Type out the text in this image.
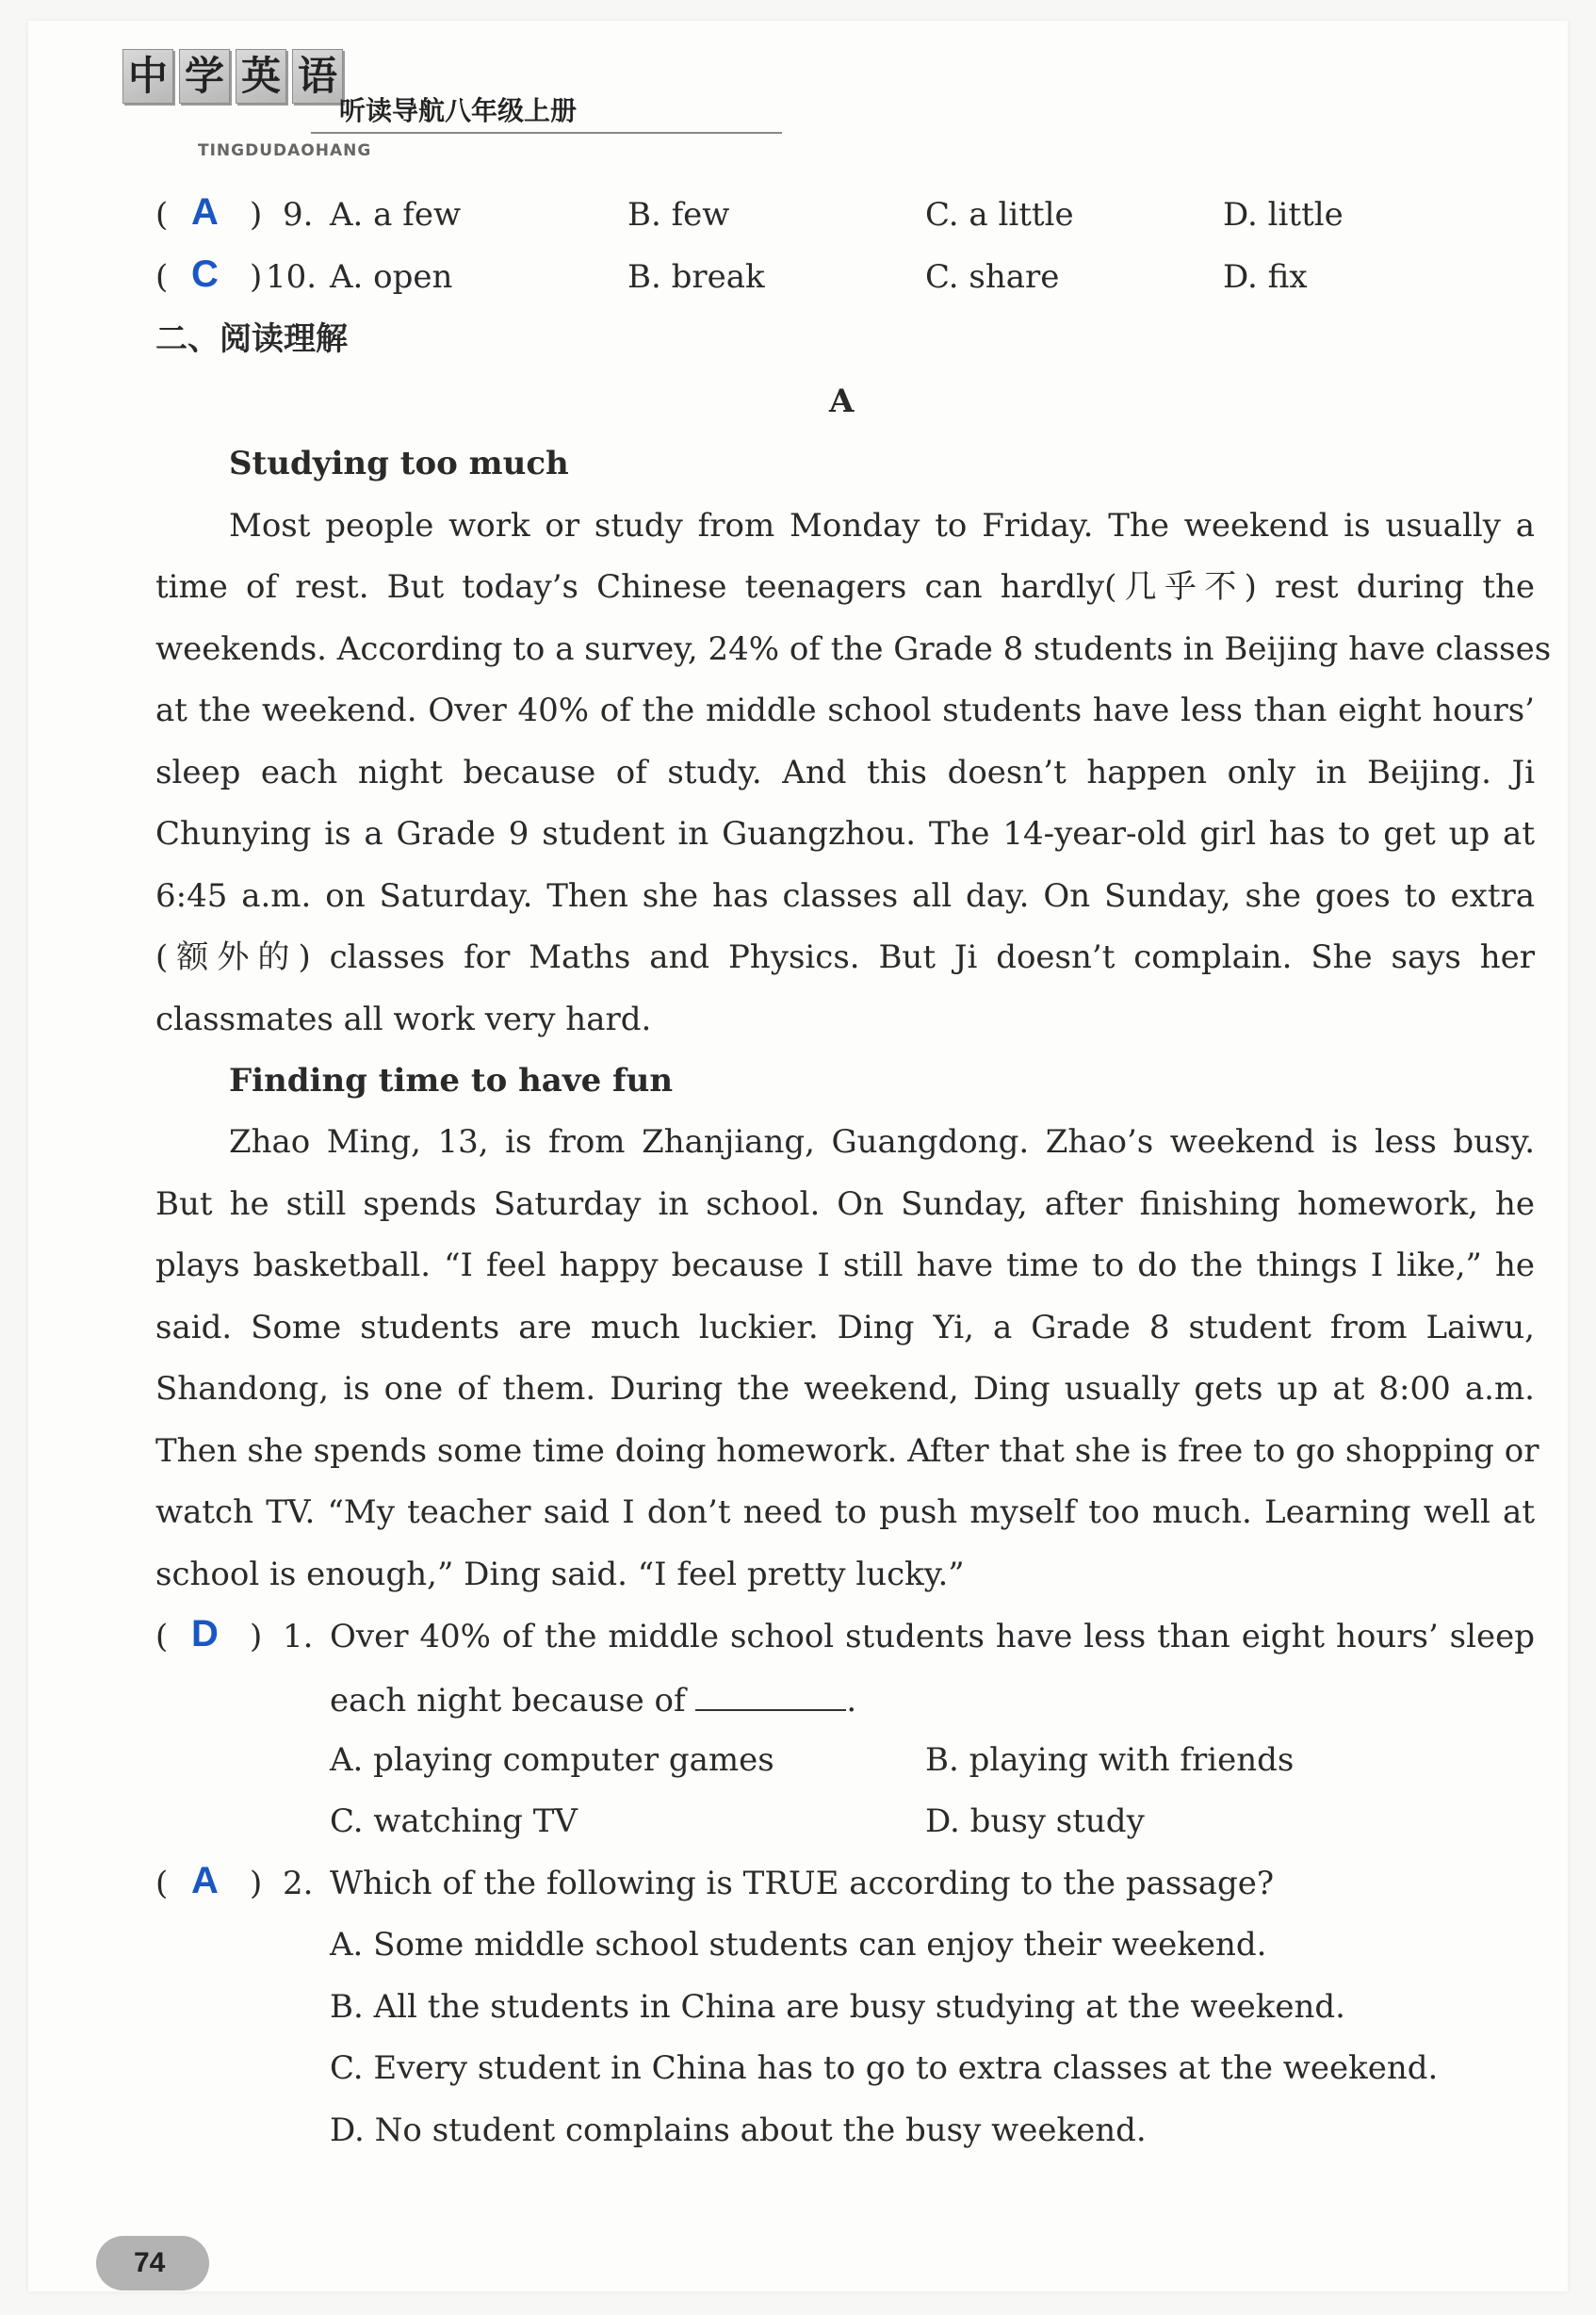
中 学 英 语
听读导航八年级上册
TINGDUDAOHANG
( A ) 9. A. a few	B. few	C. a little	D. little
( C ) 10. A. open	B. break	C. share	D. fix
二、阅读理解
A
Studying too much
Most people work or study from Monday to Friday. The weekend is usually a
time of rest. But today’s Chinese teenagers can hardly(几乎不) rest during the
weekends. According to a survey, 24% of the Grade 8 students in Beijing have classes
at the weekend. Over 40% of the middle school students have less than eight hours’
sleep each night because of study. And this doesn’t happen only in Beijing. Ji
Chunying is a Grade 9 student in Guangzhou. The 14-year-old girl has to get up at
6:45 a.m. on Saturday. Then she has classes all day. On Sunday, she goes to extra
(额外的) classes for Maths and Physics. But Ji doesn’t complain. She says her
classmates all work very hard.
Finding time to have fun
Zhao Ming, 13, is from Zhanjiang, Guangdong. Zhao’s weekend is less busy.
But he still spends Saturday in school. On Sunday, after finishing homework, he
plays basketball. “I feel happy because I still have time to do the things I like,” he
said. Some students are much luckier. Ding Yi, a Grade 8 student from Laiwu,
Shandong, is one of them. During the weekend, Ding usually gets up at 8:00 a.m.
Then she spends some time doing homework. After that she is free to go shopping or
watch TV. “My teacher said I don’t need to push myself too much. Learning well at
school is enough,” Ding said. “I feel pretty lucky.”
( D ) 1. Over 40% of the middle school students have less than eight hours’ sleep
each night because of	.
A. playing computer games	B. playing with friends
C. watching TV	D. busy study
( A ) 2. Which of the following is TRUE according to the passage?
A. Some middle school students can enjoy their weekend.
B. All the students in China are busy studying at the weekend.
C. Every student in China has to go to extra classes at the weekend.
D. No student complains about the busy weekend.
74
